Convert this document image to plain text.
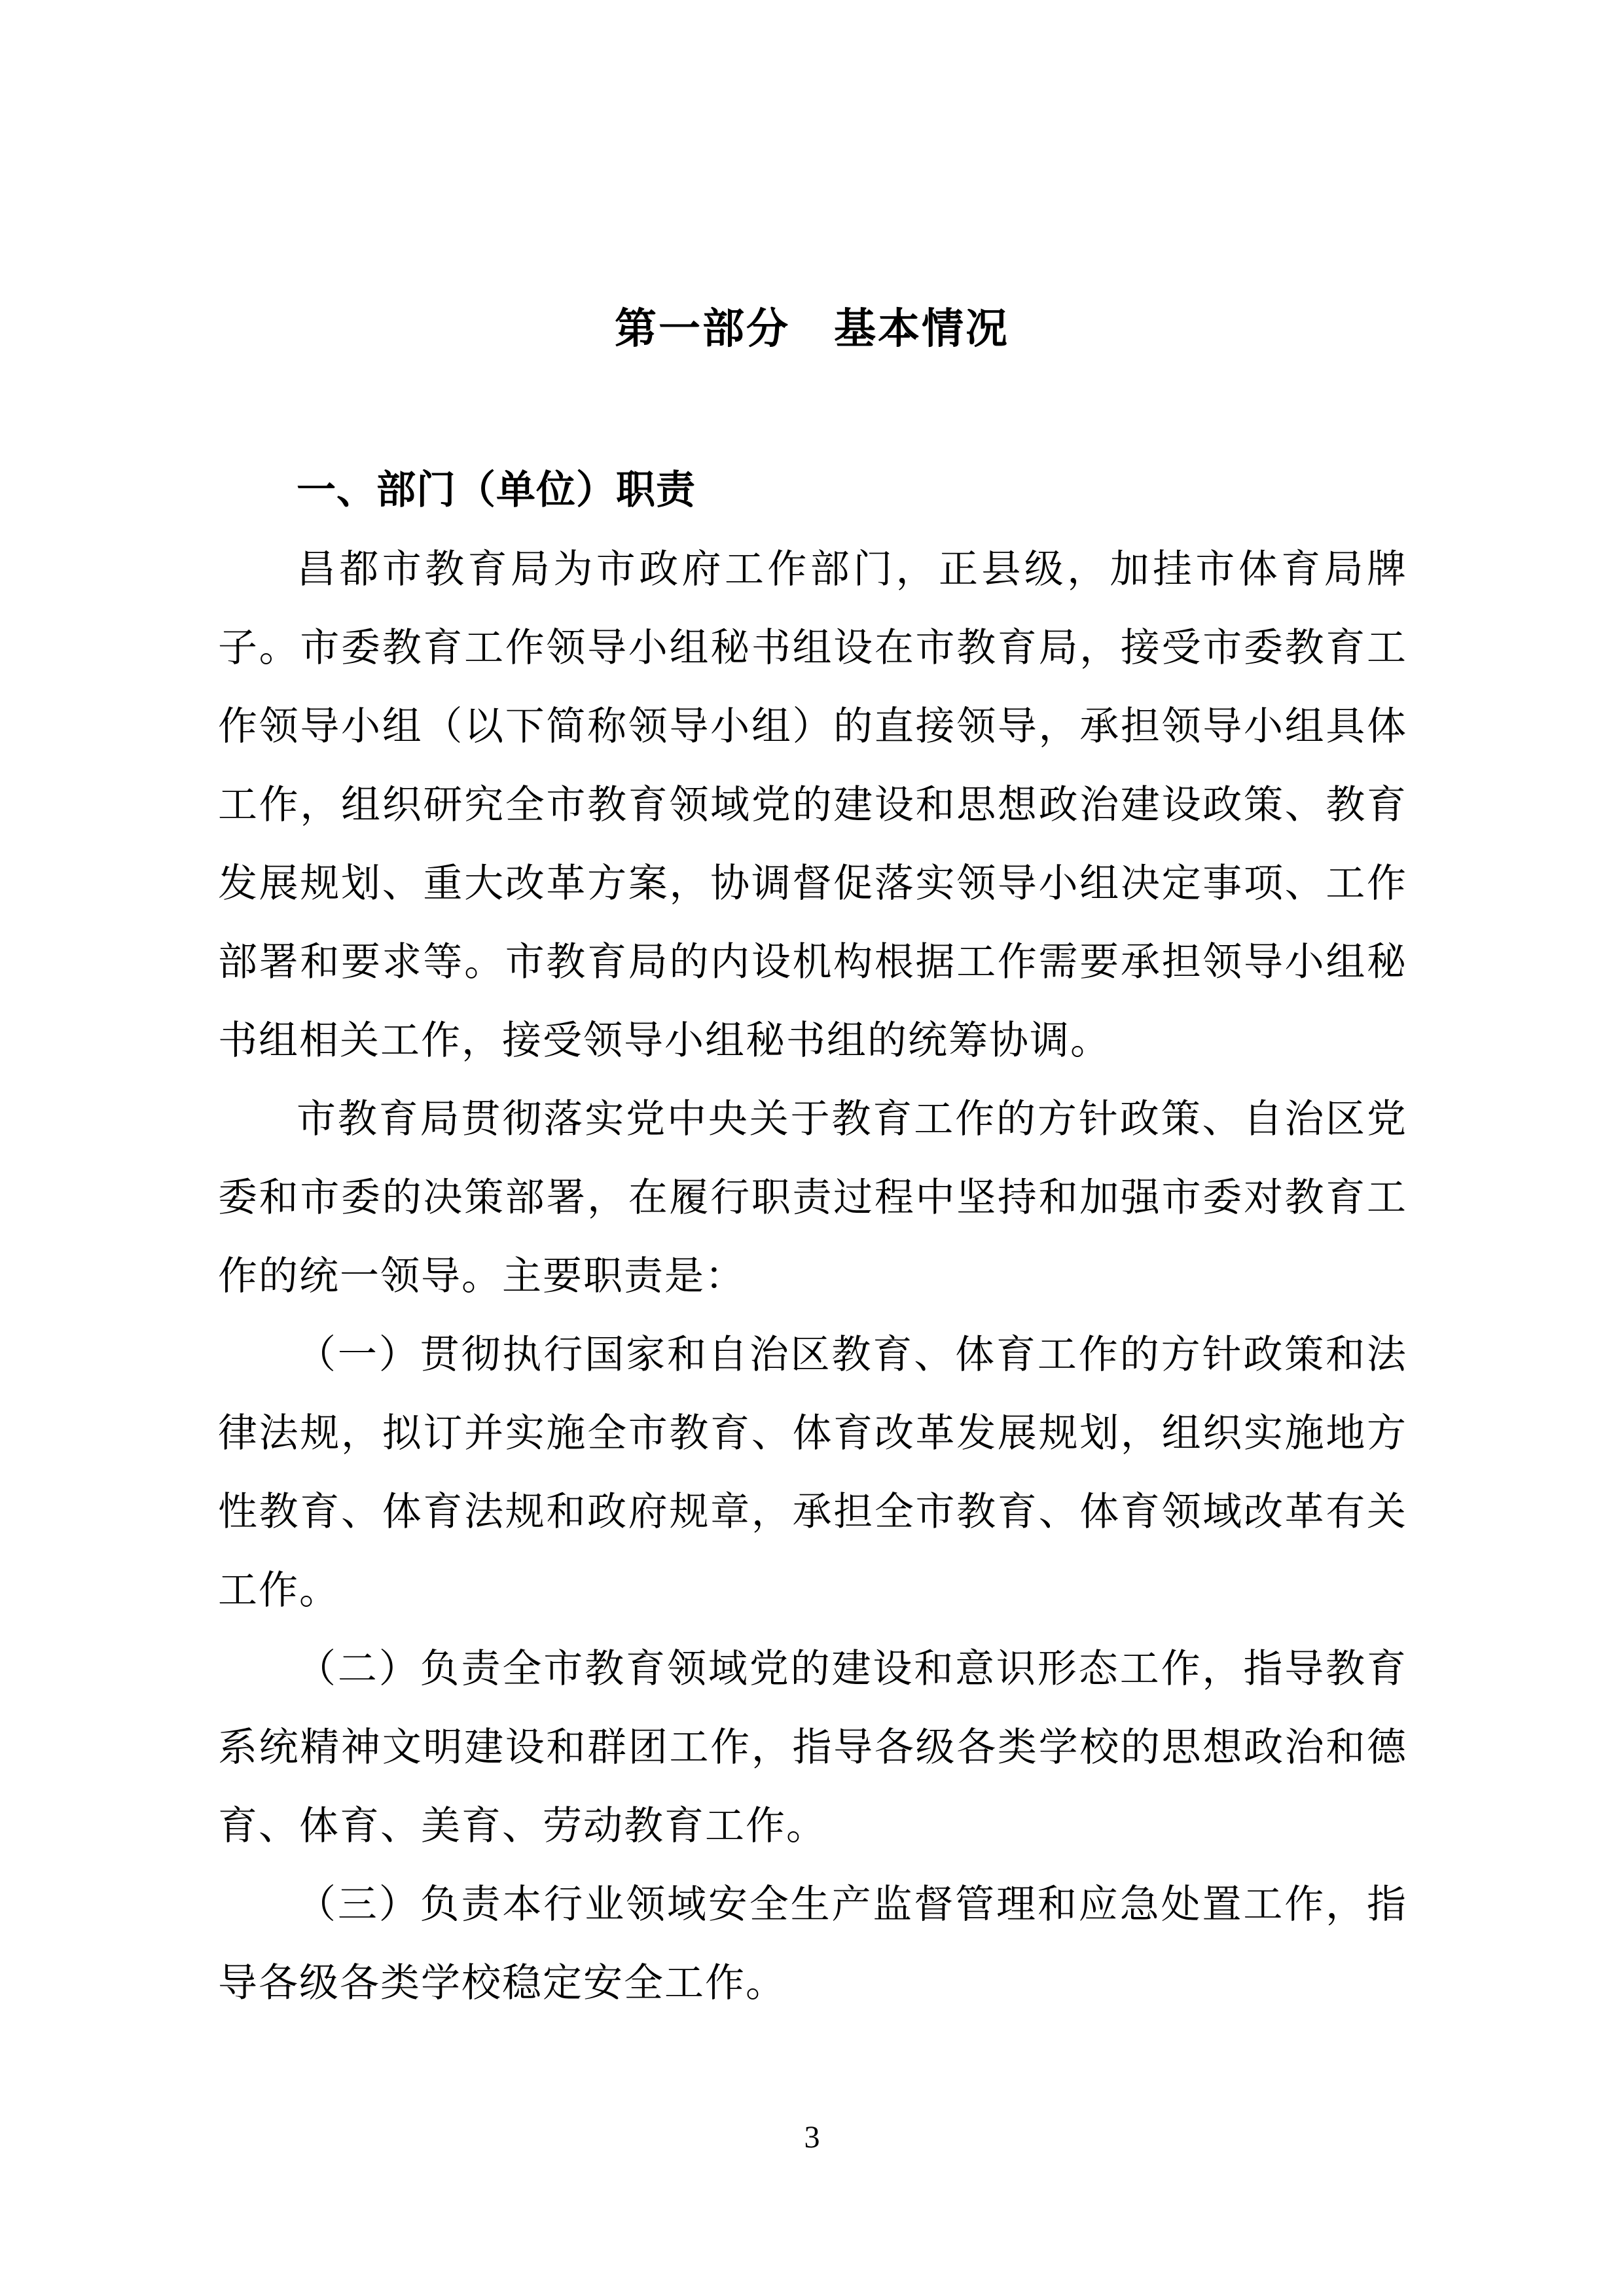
第一部分　基本情况
一、部门（单位）职责

昌都市教育局为市政府工作部门，正县级，加挂市体育局牌子。市委教育工作领导小组秘书组设在市教育局，接受市委教育工作领导小组（以下简称领导小组）的直接领导，承担领导小组具体工作，组织研究全市教育领域党的建设和思想政治建设政策、教育发展规划、重大改革方案，协调督促落实领导小组决定事项、工作部署和要求等。市教育局的内设机构根据工作需要承担领导小组秘书组相关工作，接受领导小组秘书组的统筹协调。

市教育局贯彻落实党中央关于教育工作的方针政策、自治区党委和市委的决策部署，在履行职责过程中坚持和加强市委对教育工作的统一领导。主要职责是：

（一）贯彻执行国家和自治区教育、体育工作的方针政策和法律法规，拟订并实施全市教育、体育改革发展规划，组织实施地方性教育、体育法规和政府规章，承担全市教育、体育领域改革有关工作。

（二）负责全市教育领域党的建设和意识形态工作，指导教育系统精神文明建设和群团工作，指导各级各类学校的思想政治和德育、体育、美育、劳动教育工作。

（三）负责本行业领域安全生产监督管理和应急处置工作，指导各级各类学校稳定安全工作。

3
